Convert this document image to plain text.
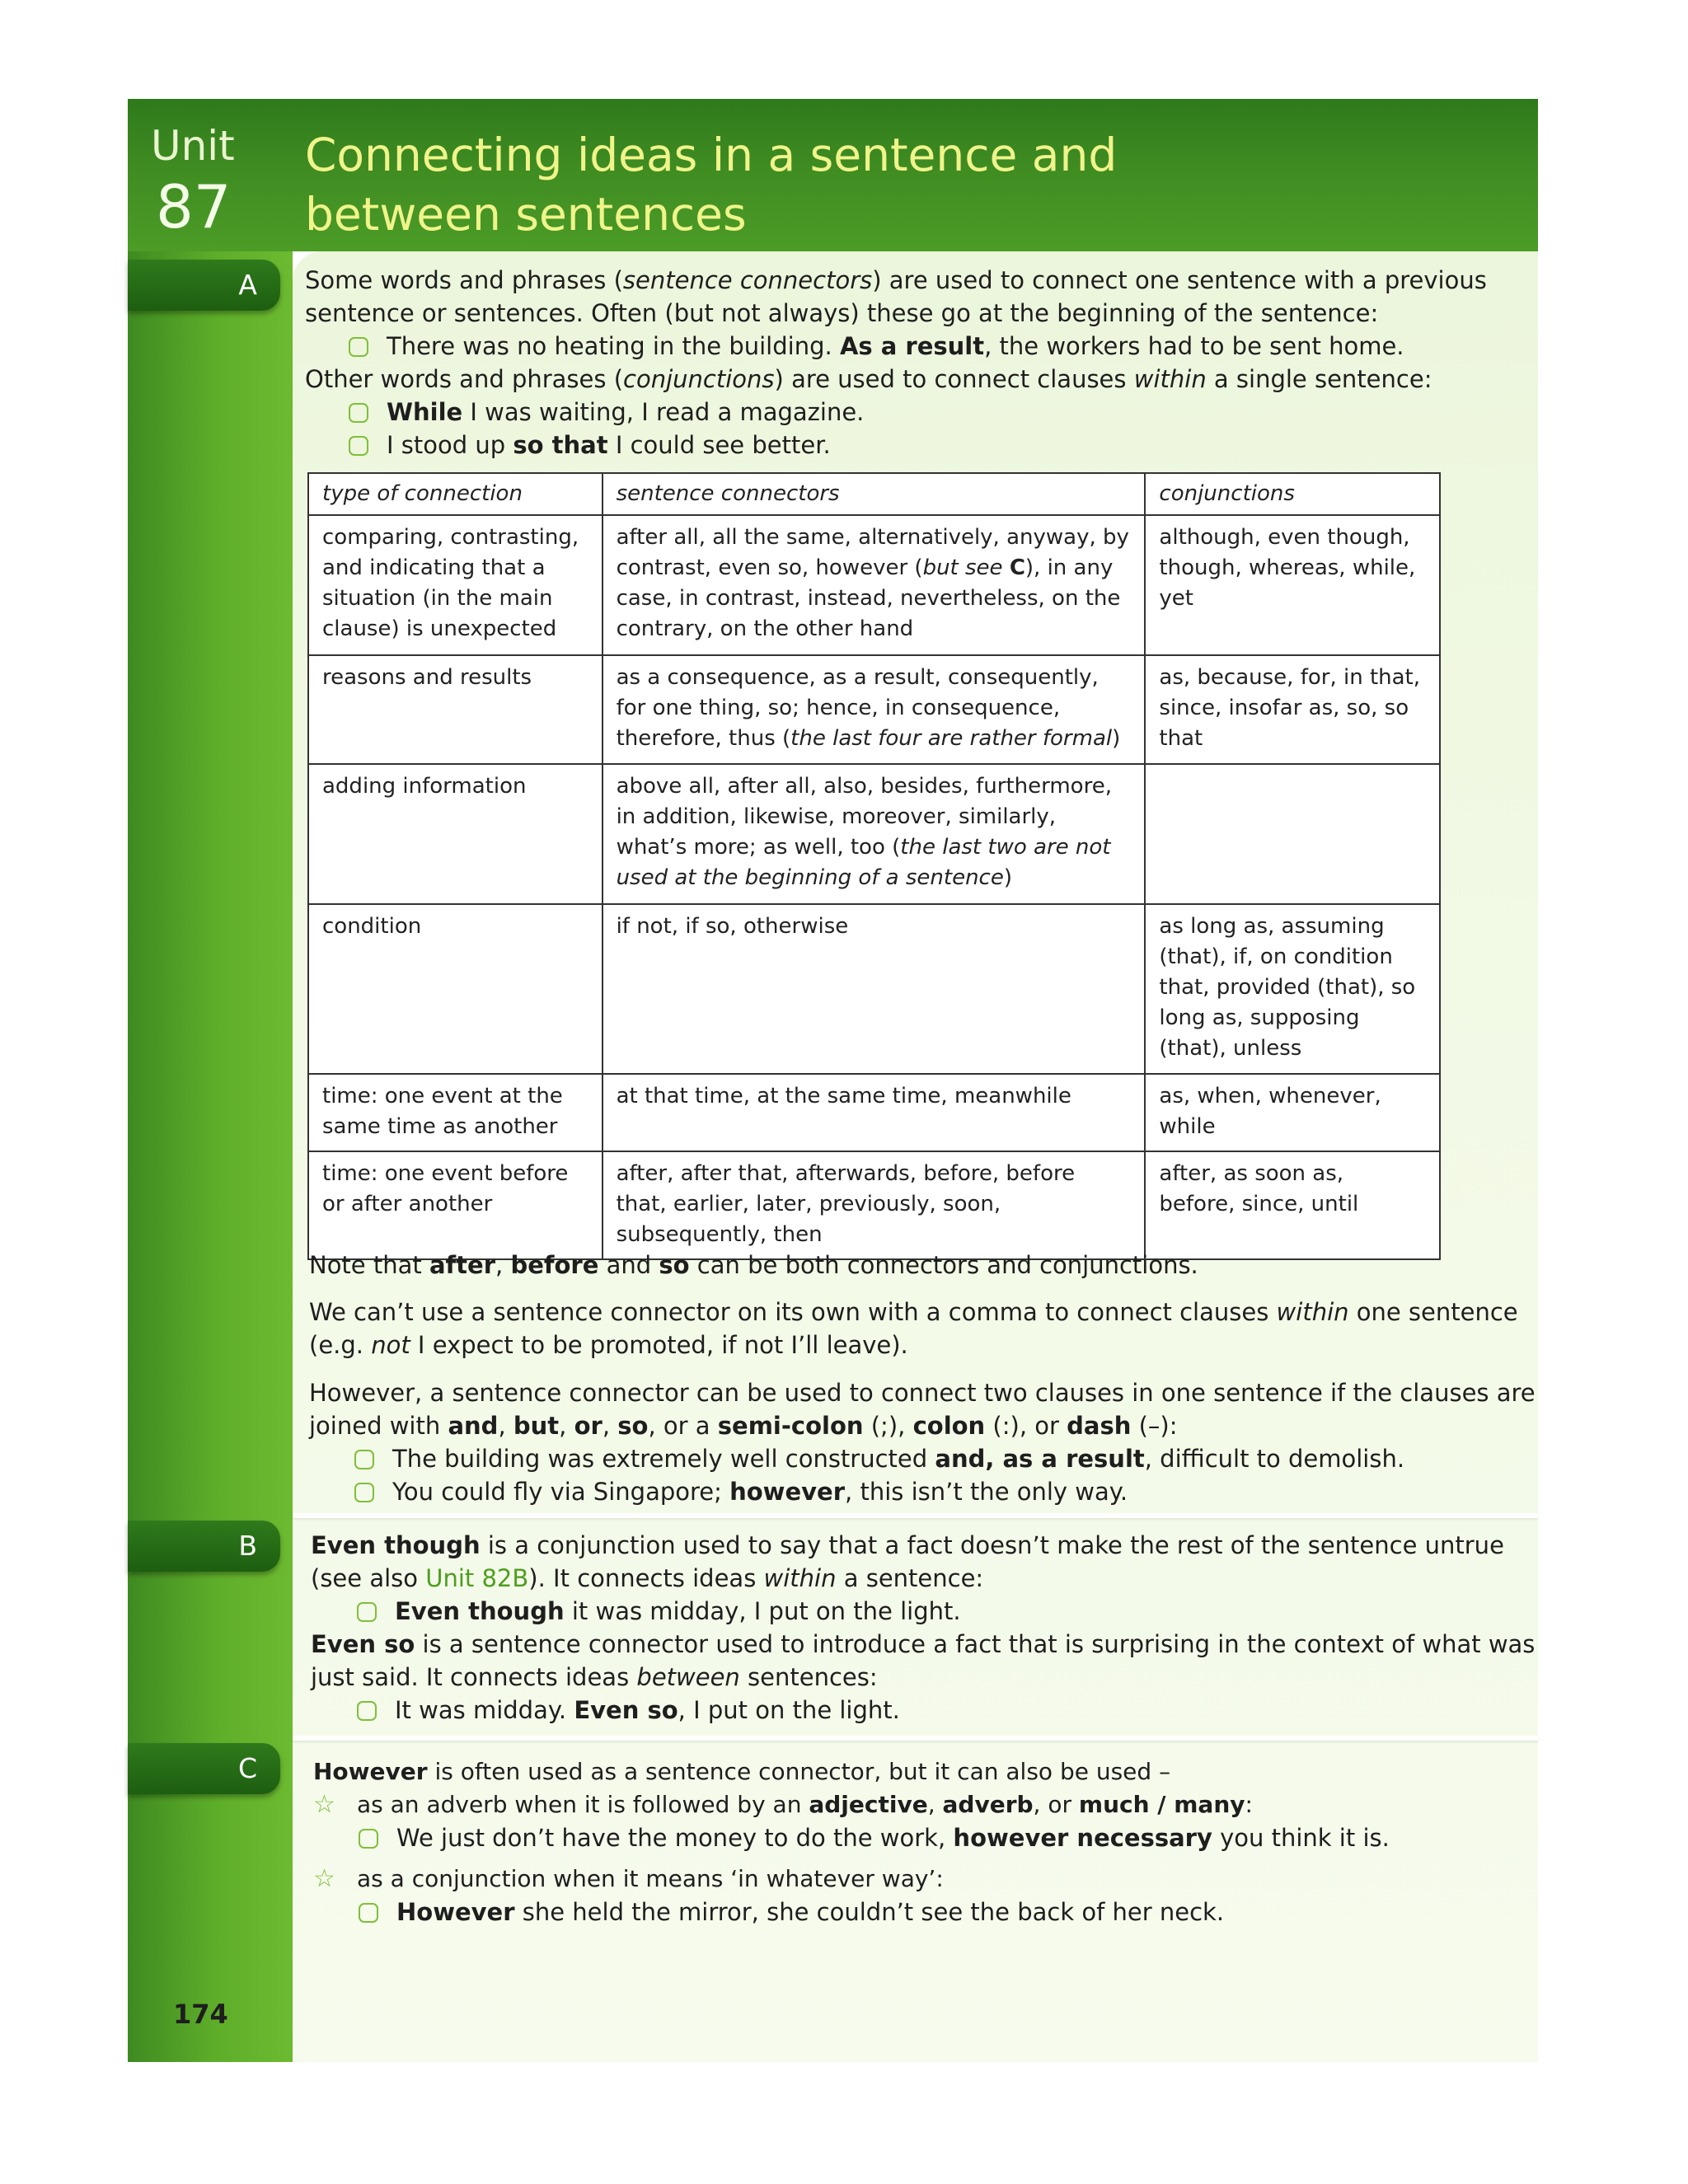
Unit
87
Connecting ideas in a sentence and
between sentences
A
B
C
Some words and phrases (sentence connectors) are used to connect one sentence with a previous
sentence or sentences. Often (but not always) these go at the beginning of the sentence:
There was no heating in the building. As a result, the workers had to be sent home.
Other words and phrases (conjunctions) are used to connect clauses within a single sentence:
While I was waiting, I read a magazine.
I stood up so that I could see better.
type of connection	sentence connectors	conjunctions
comparing, contrasting, and indicating that a situation (in the main clause) is unexpected	after all, all the same, alternatively, anyway, by contrast, even so, however (but see C), in any case, in contrast, instead, nevertheless, on the contrary, on the other hand	although, even though, though, whereas, while, yet
reasons and results	as a consequence, as a result, consequently, for one thing, so; hence, in consequence, therefore, thus (the last four are rather formal)	as, because, for, in that, since, insofar as, so, so that
adding information	above all, after all, also, besides, furthermore, in addition, likewise, moreover, similarly, what’s more; as well, too (the last two are not used at the beginning of a sentence)	
condition	if not, if so, otherwise	as long as, assuming (that), if, on condition that, provided (that), so long as, supposing (that), unless
time: one event at the same time as another	at that time, at the same time, meanwhile	as, when, whenever, while
time: one event before or after another	after, after that, afterwards, before, before that, earlier, later, previously, soon, subsequently, then	after, as soon as, before, since, until
Note that after, before and so can be both connectors and conjunctions.
We can’t use a sentence connector on its own with a comma to connect clauses within one sentence
(e.g. not I expect to be promoted, if not I’ll leave).
However, a sentence connector can be used to connect two clauses in one sentence if the clauses are
joined with and, but, or, so, or a semi-colon (;), colon (:), or dash (–):
The building was extremely well constructed and, as a result, difficult to demolish.
You could fly via Singapore; however, this isn’t the only way.
Even though is a conjunction used to say that a fact doesn’t make the rest of the sentence untrue
(see also Unit 82B). It connects ideas within a sentence:
Even though it was midday, I put on the light.
Even so is a sentence connector used to introduce a fact that is surprising in the context of what was
just said. It connects ideas between sentences:
It was midday. Even so, I put on the light.
However is often used as a sentence connector, but it can also be used –
☆ as an adverb when it is followed by an adjective, adverb, or much / many:
We just don’t have the money to do the work, however necessary you think it is.
☆ as a conjunction when it means ‘in whatever way’:
However she held the mirror, she couldn’t see the back of her neck.
174
